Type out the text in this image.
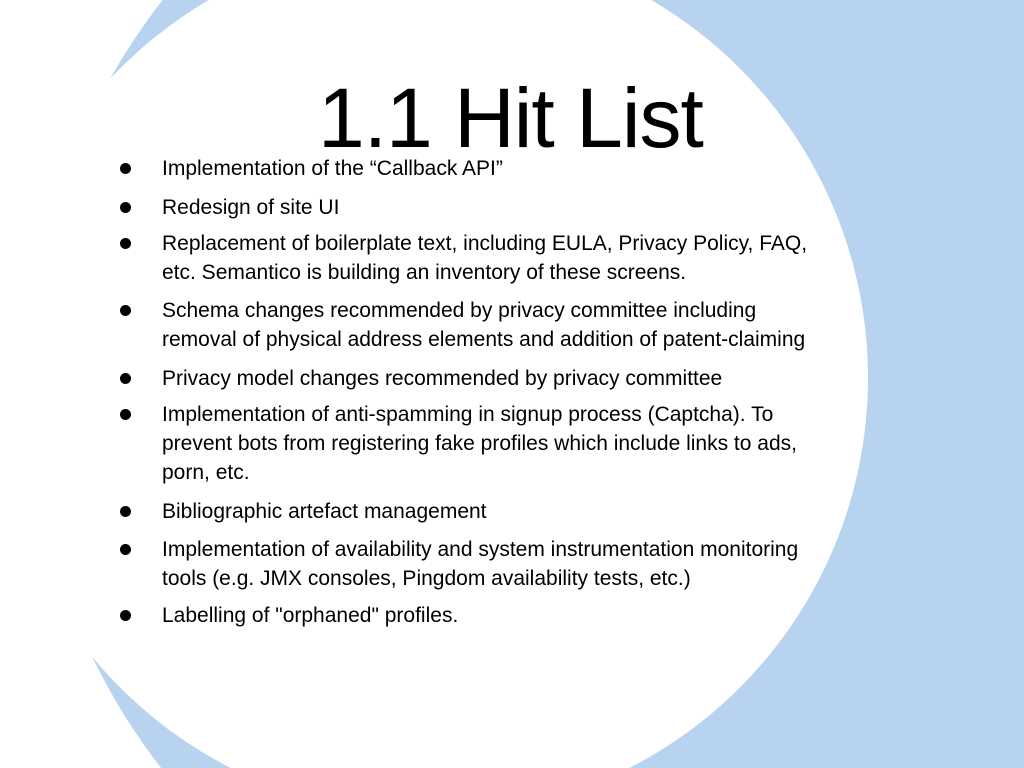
1.1 Hit List
Implementation of the “Callback API”
Redesign of site UI
Replacement of boilerplate text, including EULA, Privacy Policy, FAQ,
etc. Semantico is building an inventory of these screens.
Schema changes recommended by privacy committee including
removal of physical address elements and addition of patent-claiming
Privacy model changes recommended by privacy committee
Implementation of anti-spamming in signup process (Captcha). To
prevent bots from registering fake profiles which include links to ads,
porn, etc.
Bibliographic artefact management
Implementation of availability and system instrumentation monitoring
tools (e.g. JMX consoles, Pingdom availability tests, etc.)
Labelling of "orphaned" profiles.
